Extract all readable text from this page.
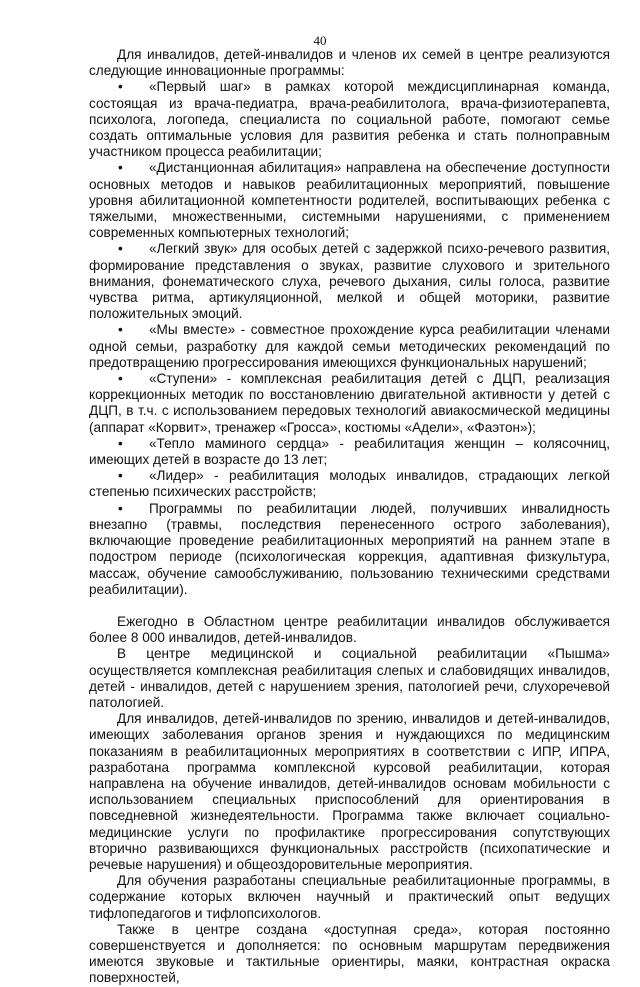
40

Для инвалидов, детей-инвалидов и членов их семей в центре реализуются следующие инновационные программы:

• «Первый шаг» в рамках которой междисциплинарная команда, состоящая из врача-педиатра, врача-реабилитолога, врача-физиотерапевта, психолога, логопеда, специалиста по социальной работе, помогают семье создать оптимальные условия для развития ребенка и стать полноправным участником процесса реабилитации;
• «Дистанционная абилитация» направлена на обеспечение доступности основных методов и навыков реабилитационных мероприятий, повышение уровня абилитационной компетентности родителей, воспитывающих ребенка с тяжелыми, множественными, системными нарушениями, с применением современных компьютерных технологий;
• «Легкий звук» для особых детей с задержкой психо-речевого развития, формирование представления о звуках, развитие слухового и зрительного внимания, фонематического слуха, речевого дыхания, силы голоса, развитие чувства ритма, артикуляционной, мелкой и общей моторики, развитие положительных эмоций.
• «Мы вместе» - совместное прохождение курса реабилитации членами одной семьи, разработку для каждой семьи методических рекомендаций по предотвращению прогрессирования имеющихся функциональных нарушений;
• «Ступени» - комплексная реабилитация детей с ДЦП, реализация коррекционных методик по восстановлению двигательной активности у детей с ДЦП, в т.ч. с использованием передовых технологий авиакосмической медицины (аппарат «Корвит», тренажер «Гросса», костюмы «Адели», «Фаэтон»);
• «Тепло маминого сердца» - реабилитация женщин – колясочниц, имеющих детей в возрасте до 13 лет;
• «Лидер» - реабилитация молодых инвалидов, страдающих легкой степенью психических расстройств;
• Программы по реабилитации людей, получивших инвалидность внезапно (травмы, последствия перенесенного острого заболевания), включающие проведение реабилитационных мероприятий на раннем этапе в подостром периоде (психологическая коррекция, адаптивная физкультура, массаж, обучение самообслуживанию, пользованию техническими средствами реабилитации).

Ежегодно в Областном центре реабилитации инвалидов обслуживается более 8 000 инвалидов, детей-инвалидов.

В центре медицинской и социальной реабилитации «Пышма» осуществляется комплексная реабилитация слепых и слабовидящих инвалидов, детей - инвалидов, детей с нарушением зрения, патологией речи, слухоречевой патологией.

Для инвалидов, детей-инвалидов по зрению, инвалидов и детей-инвалидов, имеющих заболевания органов зрения и нуждающихся по медицинским показаниям в реабилитационных мероприятиях в соответствии с ИПР, ИПРА, разработана программа комплексной курсовой реабилитации, которая направлена на обучение инвалидов, детей-инвалидов основам мобильности с использованием специальных приспособлений для ориентирования в повседневной жизнедеятельности. Программа также включает социально-медицинские услуги по профилактике прогрессирования сопутствующих вторично развивающихся функциональных расстройств (психопатические и речевые нарушения) и общеоздоровительные мероприятия.

Для обучения разработаны специальные реабилитационные программы, в содержание которых включен научный и практический опыт ведущих тифлопедагогов и тифлопсихологов.

Также в центре создана «доступная среда», которая постоянно совершенствуется и дополняется: по основным маршрутам передвижения имеются звуковые и тактильные ориентиры, маяки, контрастная окраска поверхностей,
